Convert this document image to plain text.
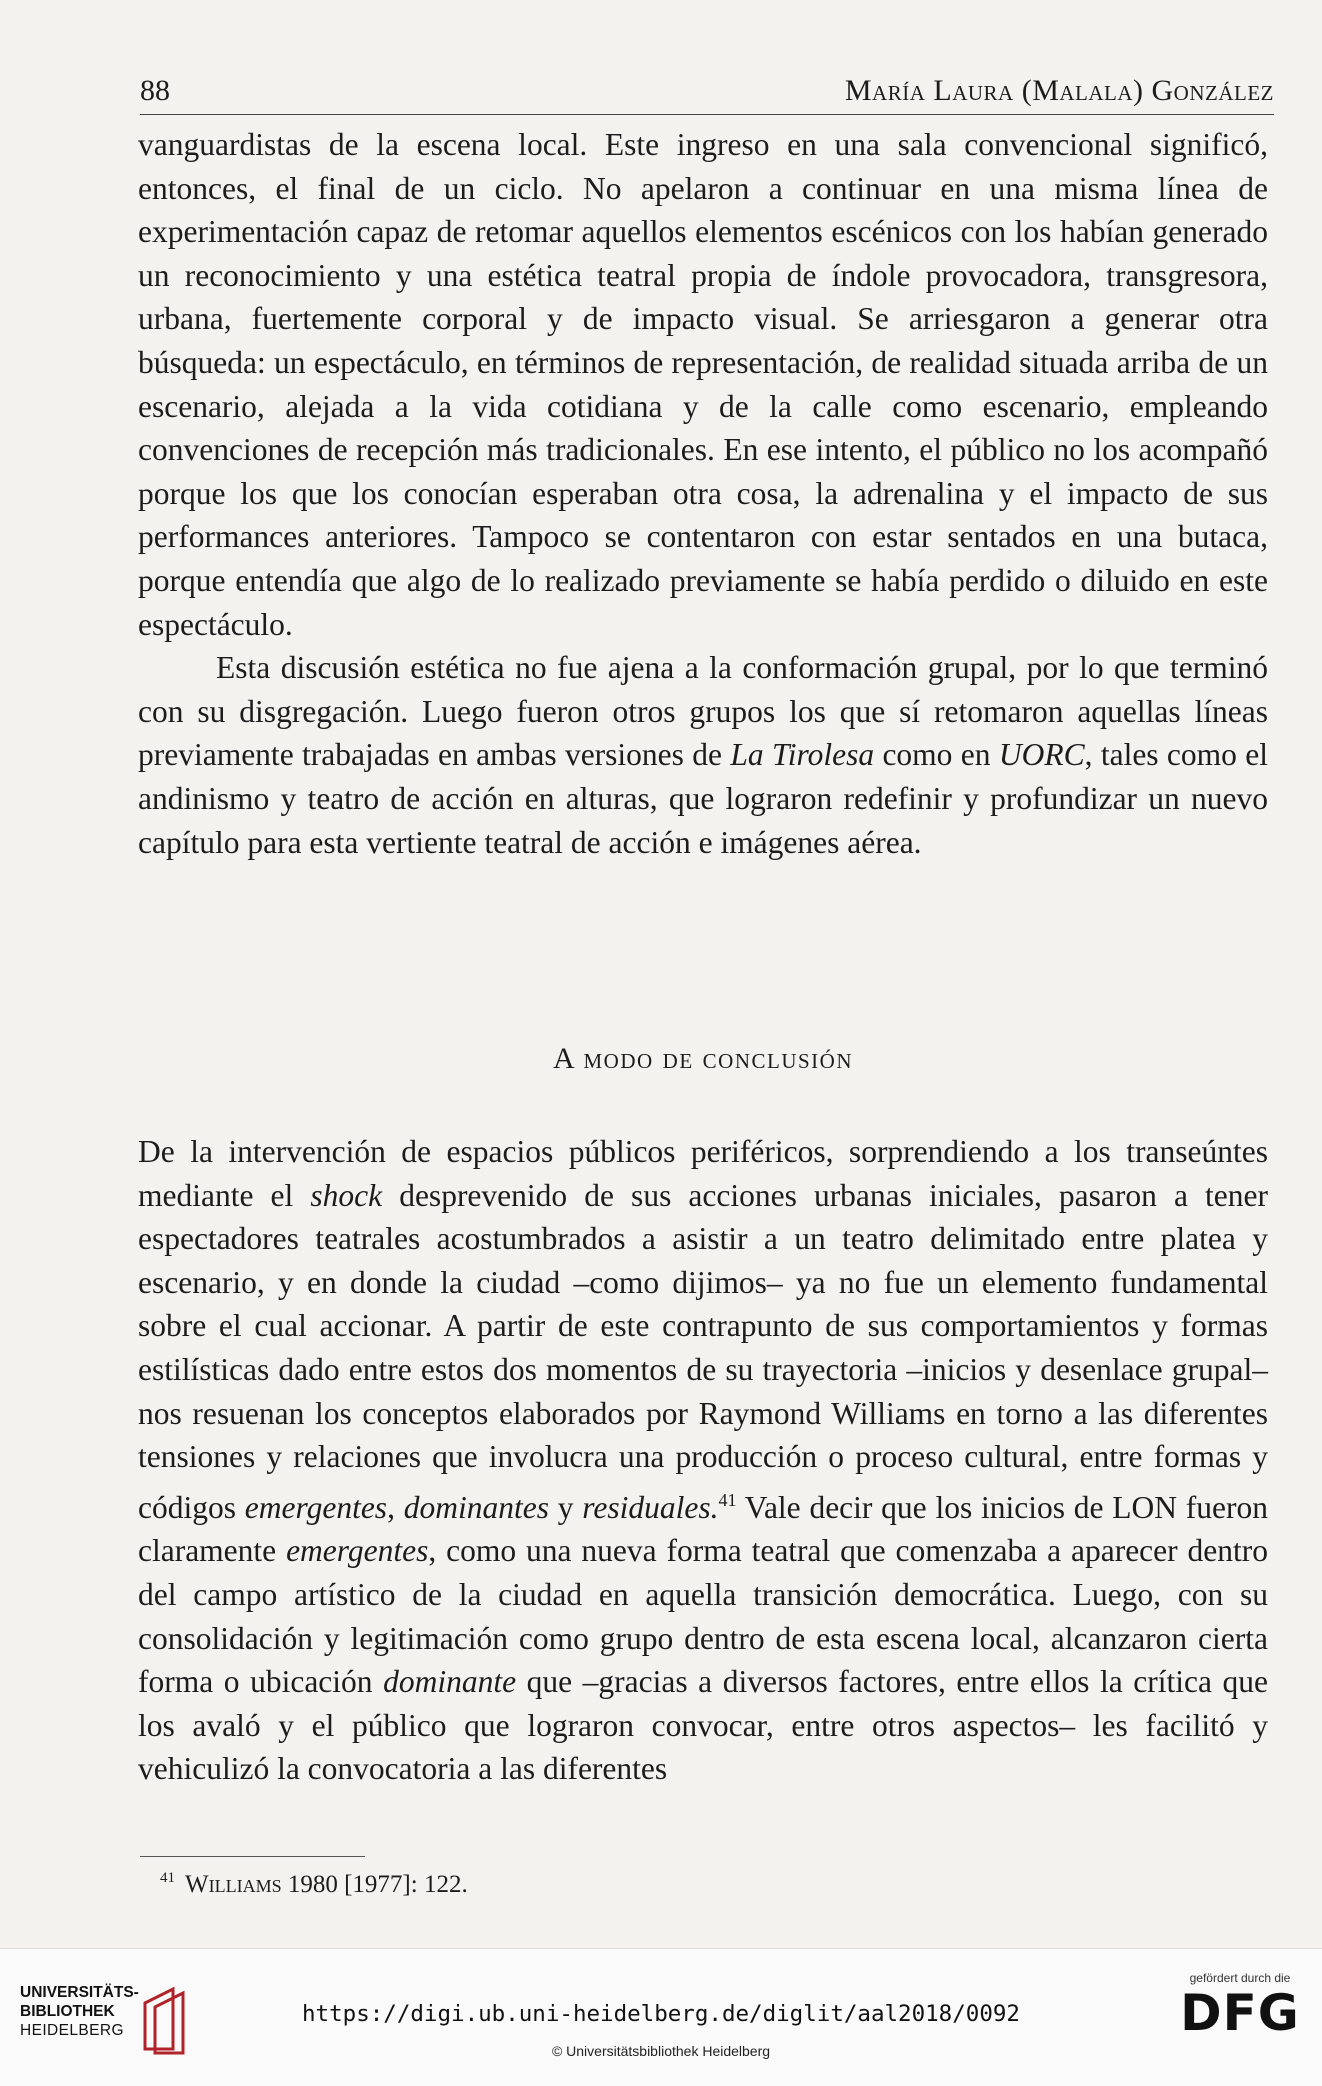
88	María Laura (Malala) González

vanguardistas de la escena local. Este ingreso en una sala convencional significó, entonces, el final de un ciclo. No apelaron a continuar en una misma línea de experimentación capaz de retomar aquellos elementos escénicos con los habían generado un reconocimiento y una estética teatral propia de índole provocadora, transgresora, urbana, fuertemente corporal y de impacto visual. Se arriesgaron a generar otra búsqueda: un espectáculo, en términos de representación, de realidad situada arriba de un escenario, alejada a la vida cotidiana y de la calle como escenario, empleando convenciones de recepción más tradicionales. En ese intento, el público no los acompañó porque los que los conocían esperaban otra cosa, la adrenalina y el impacto de sus performances anteriores. Tampoco se contentaron con estar sentados en una butaca, porque entendía que algo de lo realizado previamente se había perdido o diluido en este espectáculo.

Esta discusión estética no fue ajena a la conformación grupal, por lo que terminó con su disgregación. Luego fueron otros grupos los que sí retomaron aquellas líneas previamente trabajadas en ambas versiones de La Tirolesa como en UORC, tales como el andinismo y teatro de acción en alturas, que lograron redefinir y profundizar un nuevo capítulo para esta vertiente teatral de acción e imágenes aérea.

A modo de conclusión

De la intervención de espacios públicos periféricos, sorprendiendo a los transeúntes mediante el shock desprevenido de sus acciones urbanas iniciales, pasaron a tener espectadores teatrales acostumbrados a asistir a un teatro delimitado entre platea y escenario, y en donde la ciudad –como dijimos– ya no fue un elemento fundamental sobre el cual accionar. A partir de este contrapunto de sus comportamientos y formas estilísticas dado entre estos dos momentos de su trayectoria –inicios y desenlace grupal– nos resuenan los conceptos elaborados por Raymond Williams en torno a las diferentes tensiones y relaciones que involucra una producción o proceso cultural, entre formas y códigos emergentes, dominantes y residuales.$^{41}$ Vale decir que los inicios de LON fueron claramente emergentes, como una nueva forma teatral que comenzaba a aparecer dentro del campo artístico de la ciudad en aquella transición democrática. Luego, con su consolidación y legitimación como grupo dentro de esta escena local, alcanzaron cierta forma o ubicación dominante que –gracias a diversos factores, entre ellos la crítica que los avaló y el público que lograron convocar, entre otros aspectos– les facilitó y vehiculizó la convocatoria a las diferentes

$^{41}$ Williams 1980 [1977]: 122.
UNIVERSITÄTS-
BIBLIOTHEK
HEIDELBERG
https://digi.ub.uni-heidelberg.de/diglit/aal2018/0092
© Universitätsbibliothek Heidelberg
gefördert durch die
DFG
